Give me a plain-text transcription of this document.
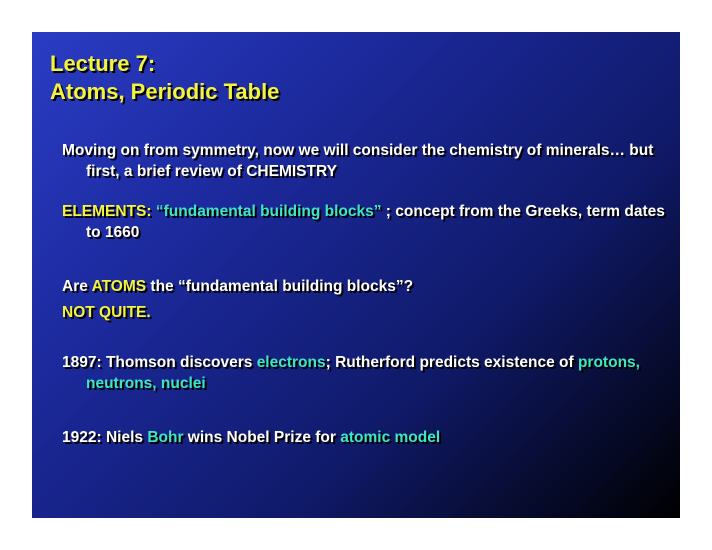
Lecture 7:
Atoms, Periodic Table

Moving on from symmetry, now we will consider the chemistry of minerals… but first, a brief review of CHEMISTRY

ELEMENTS: “fundamental building blocks” ; concept from the Greeks, term dates to 1660

Are ATOMS the “fundamental building blocks”?

NOT QUITE.

1897: Thomson discovers electrons; Rutherford predicts existence of protons, neutrons, nuclei

1922: Niels Bohr wins Nobel Prize for atomic model
